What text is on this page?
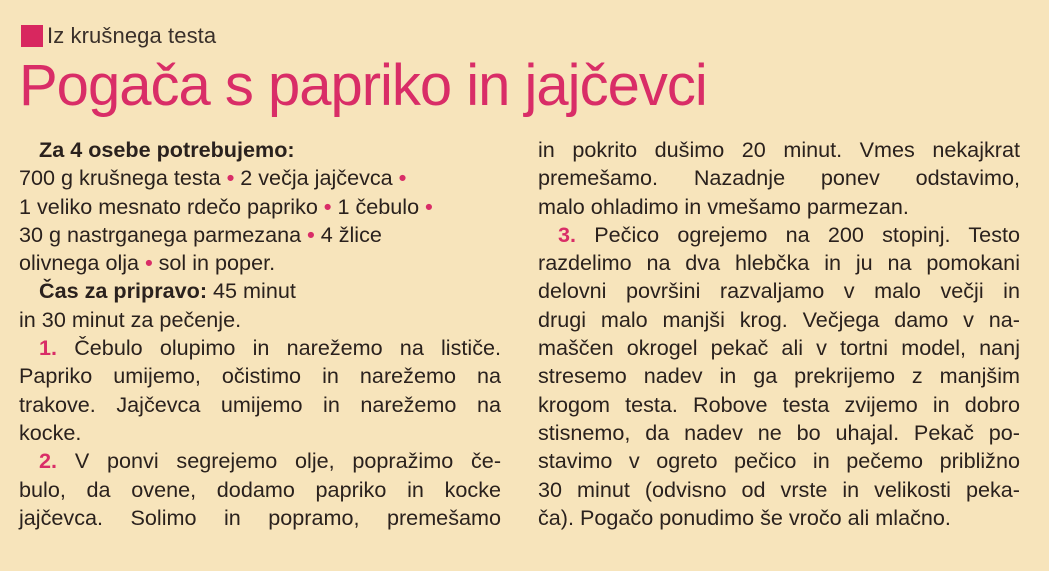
Iz krušnega testa
Pogača s papriko in jajčevci
Za 4 osebe potrebujemo:
700 g krušnega testa • 2 večja jajčevca •
1 veliko mesnato rdečo papriko • 1 čebulo •
30 g nastrganega parmezana • 4 žlice
olivnega olja • sol in poper.
Čas za pripravo: 45 minut
in 30 minut za pečenje.
1. Čebulo olupimo in narežemo na lističe.
Papriko umijemo, očistimo in narežemo na
trakove. Jajčevca umijemo in narežemo na
kocke.
2. V ponvi segrejemo olje, popražimo če-
bulo, da ovene, dodamo papriko in kocke
jajčevca. Solimo in popramo, premešamo
in pokrito dušimo 20 minut. Vmes nekajkrat
premešamo. Nazadnje ponev odstavimo,
malo ohladimo in vmešamo parmezan.
3. Pečico ogrejemo na 200 stopinj. Testo
razdelimo na dva hlebčka in ju na pomokani
delovni površini razvaljamo v malo večji in
drugi malo manjši krog. Večjega damo v na-
maščen okrogel pekač ali v tortni model, nanj
stresemo nadev in ga prekrijemo z manjšim
krogom testa. Robove testa zvijemo in dobro
stisnemo, da nadev ne bo uhajal. Pekač po-
stavimo v ogreto pečico in pečemo približno
30 minut (odvisno od vrste in velikosti peka-
ča). Pogačo ponudimo še vročo ali mlačno.
